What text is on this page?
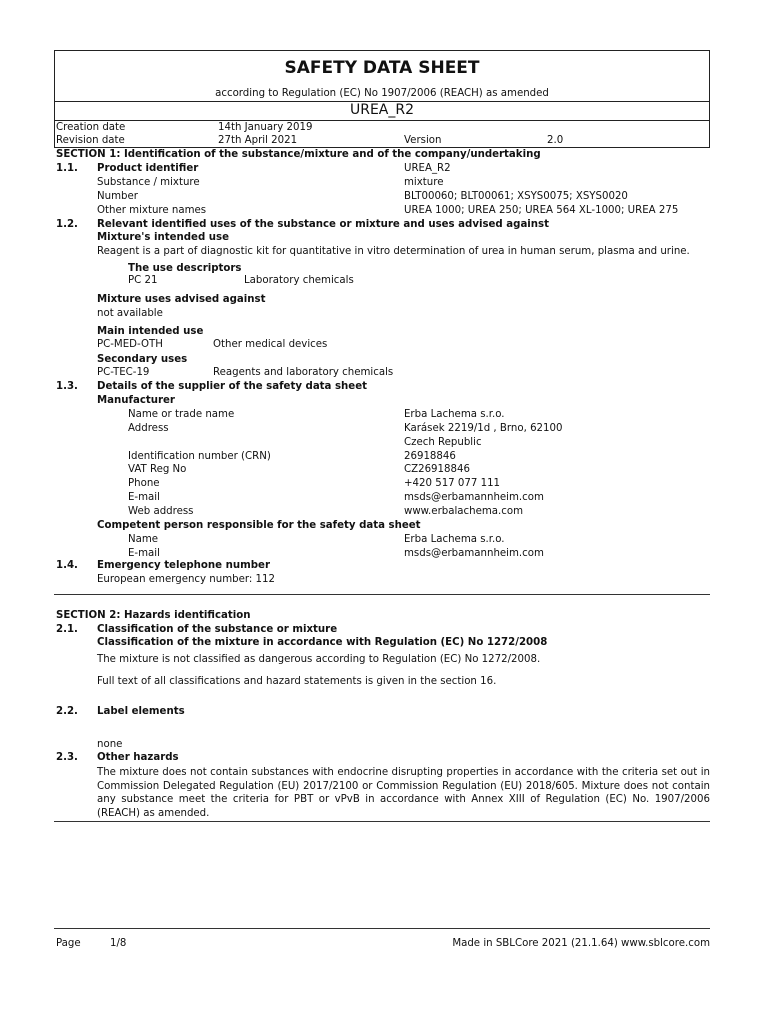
SAFETY DATA SHEET
according to Regulation (EC) No 1907/2006 (REACH) as amended
UREA_R2
Creation date	14th January 2019
Revision date	27th April 2021	Version	2.0
SECTION 1: Identification of the substance/mixture and of the company/undertaking
1.1. Product identifier	UREA_R2
Substance / mixture	mixture
Number	BLT00060; BLT00061; XSYS0075; XSYS0020
Other mixture names	UREA 1000; UREA 250; UREA 564 XL-1000; UREA 275
1.2. Relevant identified uses of the substance or mixture and uses advised against
Mixture's intended use
Reagent is a part of diagnostic kit for quantitative in vitro determination of urea in human serum, plasma and urine.
The use descriptors
PC 21	Laboratory chemicals
Mixture uses advised against
not available
Main intended use
PC-MED-OTH	Other medical devices
Secondary uses
PC-TEC-19	Reagents and laboratory chemicals
1.3. Details of the supplier of the safety data sheet
Manufacturer
Name or trade name	Erba Lachema s.r.o.
Address	Karásek 2219/1d , Brno, 62100
Czech Republic
Identification number (CRN)	26918846
VAT Reg No	CZ26918846
Phone	+420 517 077 111
E-mail	msds@erbamannheim.com
Web address	www.erbalachema.com
Competent person responsible for the safety data sheet
Name	Erba Lachema s.r.o.
E-mail	msds@erbamannheim.com
1.4. Emergency telephone number
European emergency number: 112
SECTION 2: Hazards identification
2.1. Classification of the substance or mixture
Classification of the mixture in accordance with Regulation (EC) No 1272/2008
The mixture is not classified as dangerous according to Regulation (EC) No 1272/2008.
Full text of all classifications and hazard statements is given in the section 16.
2.2. Label elements
none
2.3. Other hazards
The mixture does not contain substances with endocrine disrupting properties in accordance with the criteria set out in Commission Delegated Regulation (EU) 2017/2100 or Commission Regulation (EU) 2018/605. Mixture does not contain any substance meet the criteria for PBT or vPvB in accordance with Annex XIII of Regulation (EC) No. 1907/2006 (REACH) as amended.
Page	1/8	Made in SBLCore 2021 (21.1.64) www.sblcore.com
